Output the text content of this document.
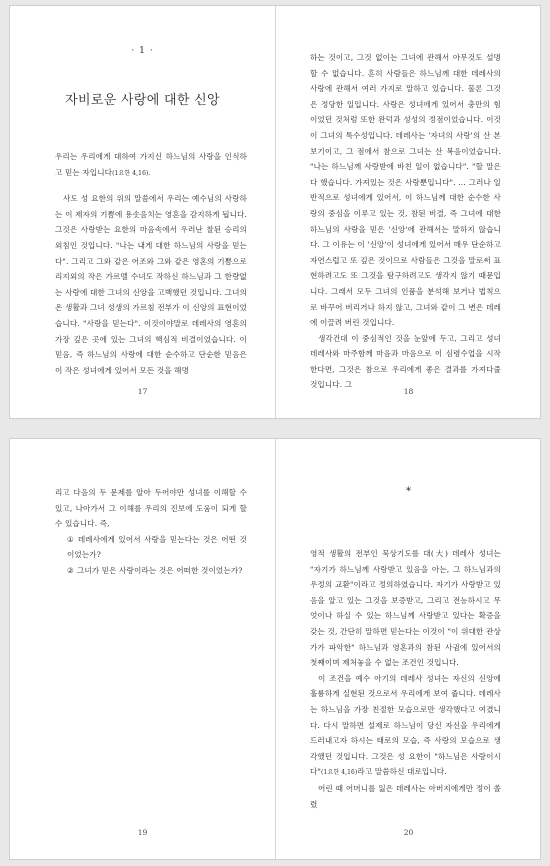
· 1 ·
자비로운 사랑에 대한 신앙

우리는 우리에게 대하여 가지신 하느님의 사랑을 인식하고 믿는 자입니다(1요한 4,16).

사도 성 요한의 위의 말씀에서 우리는 예수님의 사랑하는 이 제자의 기쁨에 용솟음치는 영혼을 감지하게 됩니다. 그것은 사랑받는 요한의 마음속에서 우러난 찰된 승리의 외침인 것입니다. "나는 내게 대한 하느님의 사랑을 믿는다". 그리고 그와 같은 어조와 그와 같은 영혼의 기쁨으로 리지외의 작은 가르멜 수녀도 작하신 하느님과 그 한량없는 사랑에 대한 그녀의 신앙을 고백했던 것입니다. 그녀의 온 생활과 그녀 성생의 가르침 전부가 이 신앙의 표현이었습니다. "사랑을 믿는다". 이것이야말로 데레사의 영혼의 가장 깊은 곳에 있는 그녀의 핵심적 비결이었습니다. 이 믿음, 즉 하느님의 사랑에 대한 순수하고 단순한 믿음은 이 작은 성녀에게 있어서 모든 것을 해명

17

하는 것이고, 그것 없이는 그녀에 관해서 아무것도 설명할 수 없습니다. 흔히 사람들은 하느님께 대한 데레사의 사랑에 관해서 여러 가지로 말하고 있습니다. 물론 그것은 정당한 일입니다. 사랑은 성녀에게 있어서 충만의 힘이었던 것처럼 또한 완덕과 성성의 정점이었습니다. 이것이 그녀의 특수성입니다. 데레사는 '자녀의 사랑'의 산 본보기이고, 그 점에서 참으로 그녀는 산 복음이었습니다. "나는 하느님께 사랑받에 바친 일이 없습니다". "할 말은 다 했습니다. 가져있는 것은 사랑뿐입니다". … 그러나 일반적으로 성녀에게 있어서, 이 하느님께 대한 순수한 사랑의 중심을 이루고 있는 것, 참된 비결, 즉 그녀에 대한 하느님의 사랑을 믿은 '신앙'에 관해서는 말하지 않습니다. 그 이유는 이 '신앙'이 성녀에게 있어서 매우 단순하고 자연스럽고 또 깊은 것이므로 사람들은 그것을 말로써 표현하려고도 또 그것을 탐구하려고도 생각지 않기 때문입니다. 그래서 모두 그녀의 인품을 분석해 보거나 법칙으로 바꾸어 버리거나 하지 않고, 그녀와 같이 그 변은 데레에 이끌려 버린 것입니다.

생각건대 이 중심적인 것을 눈앞에 두고, 그리고 성녀 데레사와 마주함께 마음과 마음으로 이 심령수업을 시작한다면, 그것은 참으로 우리에게 좋은 결과를 가져다줄 것입니다. 그

18

리고 다음의 두 문제를 알아 두어야만 성녀를 이해할 수 있고, 나아가서 그 이해를 우리의 진보에 도움이 되게 할 수 있습니다. 즉,

① 데레사에게 있어서 사랑을 믿는다는 것은 어떤 것이었는가?

② 그녀가 믿은 사랑이라는 것은 어떠한 것이었는가?

19
*

영적 생활의 전부인 묵상기도를 대(大) 데레사 성녀는 "자기가 하느님께 사랑받고 있음을 아는, 그 하느님과의 우정의 교환"이라고 정의하였습니다. 자기가 사랑받고 있음을 알고 있는 그것을 보증받고, 그리고 전능하시고 무엇이나 하실 수 있는 하느님께 사랑받고 있다는 확증을 갖는 것, 간단히 말하면 믿는다는 이것이 "이 위대한 관상가가 파악한" 하느님과 영혼과의 참된 사귐에 있어서의 첫째이며 제처놓을 수 없는 조건인 것입니다.

이 조건을 예수 아기의 데레사 성녀는 자신의 신앙에 훌륭하게 실현된 것으로서 우리에게 보여 줍니다. 데레사는 하느님을 가장 친절한 모습으로만 생각했다고 여겼니다. 다시 말하면 설제로 하느님이 당신 자신을 우리에게 드러내고자 하시는 태로의 모습, 즉 사랑의 모습으로 생각했던 것입니다. 그것은 성 요한이 "하느님은 사랑이시다"(1요한 4,16)라고 말씀하신 대로입니다.

어린 때 어머니를 잃은 데레사는 아버지에게만 정이 쏠렸

20
